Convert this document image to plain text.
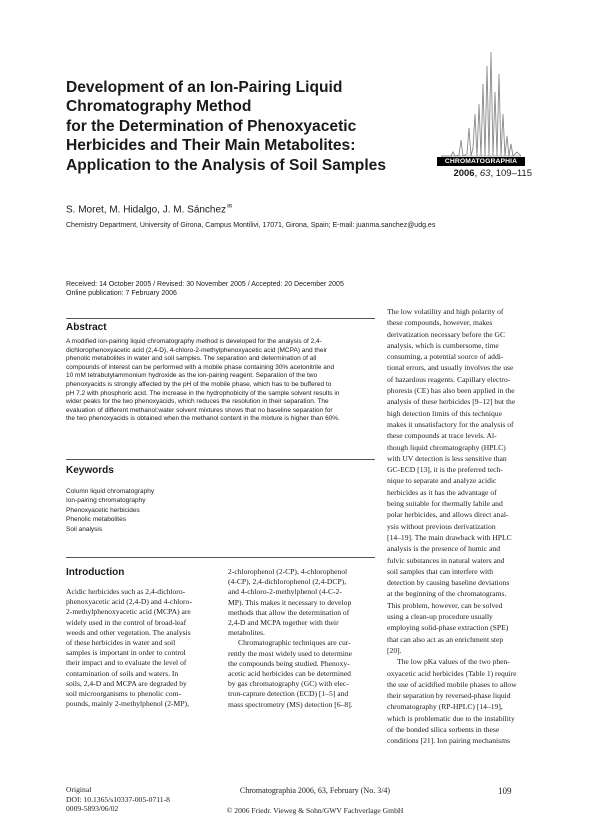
Development of an Ion-Pairing Liquid
Chromatography Method
for the Determination of Phenoxyacetic
Herbicides and Their Main Metabolites:
Application to the Analysis of Soil Samples	CHROMATOGRAPHIA
2006, 63, 109–115
S. Moret, M. Hidalgo, J. M. Sánchez✉
Chemistry Department, University of Girona, Campus Montilivi, 17071, Girona, Spain; E-mail: juanma.sanchez@udg.es
Received: 14 October 2005 / Revised: 30 November 2005 / Accepted: 20 December 2005
Online publication: 7 February 2006
Abstract
A modified ion-pairing liquid chromatography method is developed for the analysis of 2,4-
dichlorophenoxyacetic acid (2,4-D), 4-chloro-2-methylphenoxyacetic acid (MCPA) and their
phenolic metabolites in water and soil samples. The separation and determination of all
compounds of interest can be performed with a mobile phase containing 30% acetonitrile and
10 mM tetrabutylammonium hydroxide as the ion-pairing reagent. Separation of the two
phenoxyacids is strongly affected by the pH of the mobile phase, which has to be buffered to
pH 7.2 with phosphoric acid. The increase in the hydrophobicity of the sample solvent results in
wider peaks for the two phenoxyacids, which reduces the resolution in their separation. The
evaluation of different methanol:water solvent mixtures shows that no baseline separation for
the two phenoxyacids is obtained when the methanol content in the mixture is higher than 60%.
Keywords
Column liquid chromatography
Ion-pairing chromatography
Phenoxyacetic herbicides
Phenolic metabolites
Soil analysis
Introduction
Acidic herbicides such as 2,4-dichloro-
phenoxyacetic acid (2,4-D) and 4-chloro-
2-methylphenoxyacetic acid (MCPA) are
widely used in the control of broad-leaf
weeds and other vegetation. The analysis
of these herbicides in water and soil
samples is important in order to control
their impact and to evaluate the level of
contamination of soils and waters. In
soils, 2,4-D and MCPA are degraded by
soil microorganisms to phenolic com-
pounds, mainly 2-methylphenol (2-MP),
2-chlorophenol (2-CP), 4-chlorophenol
(4-CP), 2,4-dichlorophenol (2,4-DCP),
and 4-chloro-2-methylphenol (4-C-2-
MP). This makes it necessary to develop
methods that allow the determination of
2,4-D and MCPA together with their
metabolites.
Chromatographic techniques are cur-
rently the most widely used to determine
the compounds being studied. Phenoxy-
acetic acid herbicides can be determined
by gas chromatography (GC) with elec-
tron-capture detection (ECD) [1–5] and
mass spectrometry (MS) detection [6–8].
The low volatility and high polarity of
these compounds, however, makes
derivatization necessary before the GC
analysis, which is cumbersome, time
consuming, a potential source of addi-
tional errors, and usually involves the use
of hazardous reagents. Capillary electro-
phoresis (CE) has also been applied in the
analysis of these herbicides [9–12] but the
high detection limits of this technique
makes it unsatisfactory for the analysis of
these compounds at trace levels. Al-
though liquid chromatography (HPLC)
with UV detection is less sensitive than
GC-ECD [13], it is the preferred tech-
nique to separate and analyze acidic
herbicides as it has the advantage of
being suitable for thermally labile and
polar herbicides, and allows direct anal-
ysis without previous derivatization
[14–19]. The main drawback with HPLC
analysis is the presence of humic and
fulvic substances in natural waters and
soil samples that can interfere with
detection by causing baseline deviations
at the beginning of the chromatograms.
This problem, however, can be solved
using a clean-up procedure usually
employing solid-phase extraction (SPE)
that can also act as an enrichment step
[20].
The low pKa values of the two phen-
oxyacetic acid herbicides (Table 1) require
the use of acidified mobile phases to allow
their separation by reversed-phase liquid
chromatography (RP-HPLC) [14–19],
which is problematic due to the instability
of the bonded silica sorbents in these
conditions [21]. Ion pairing mechanisms
Original
DOI: 10.1365/s10337-005-0711-8
0009-5893/06/02
Chromatographia 2006, 63, February (No. 3/4)
© 2006 Friedr. Vieweg & Sohn/GWV Fachverlage GmbH
109
